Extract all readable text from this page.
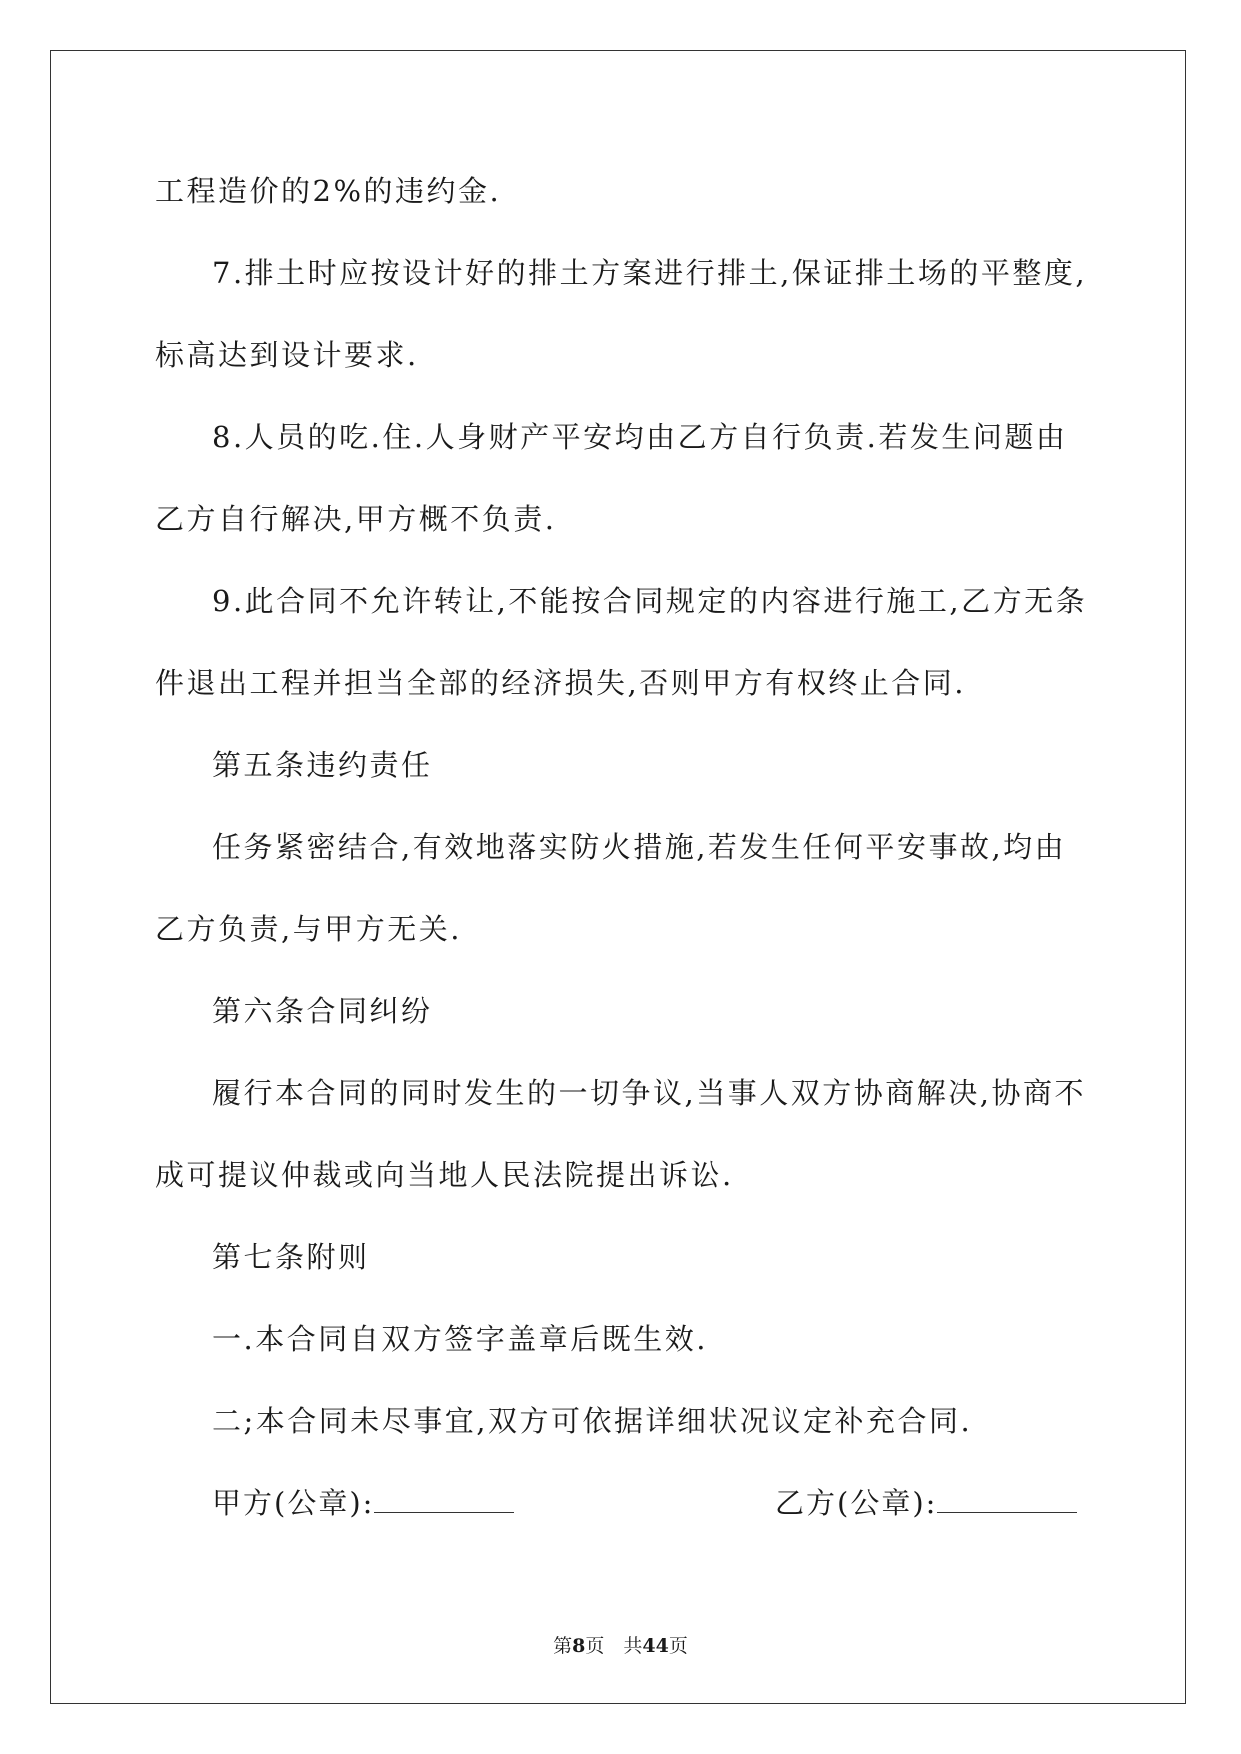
工程造价的2%的违约金.
7.排土时应按设计好的排土方案进行排土,保证排土场的平整度,
标高达到设计要求.
8.人员的吃.住.人身财产平安均由乙方自行负责.若发生问题由
乙方自行解决,甲方概不负责.
9.此合同不允许转让,不能按合同规定的内容进行施工,乙方无条
件退出工程并担当全部的经济损失,否则甲方有权终止合同.
第五条违约责任
任务紧密结合,有效地落实防火措施,若发生任何平安事故,均由
乙方负责,与甲方无关.
第六条合同纠纷
履行本合同的同时发生的一切争议,当事人双方协商解决,协商不
成可提议仲裁或向当地人民法院提出诉讼.
第七条附则
一.本合同自双方签字盖章后既生效.
二;本合同未尽事宜,双方可依据详细状况议定补充合同.
甲方(公章):	乙方(公章):
第8页　共44页
